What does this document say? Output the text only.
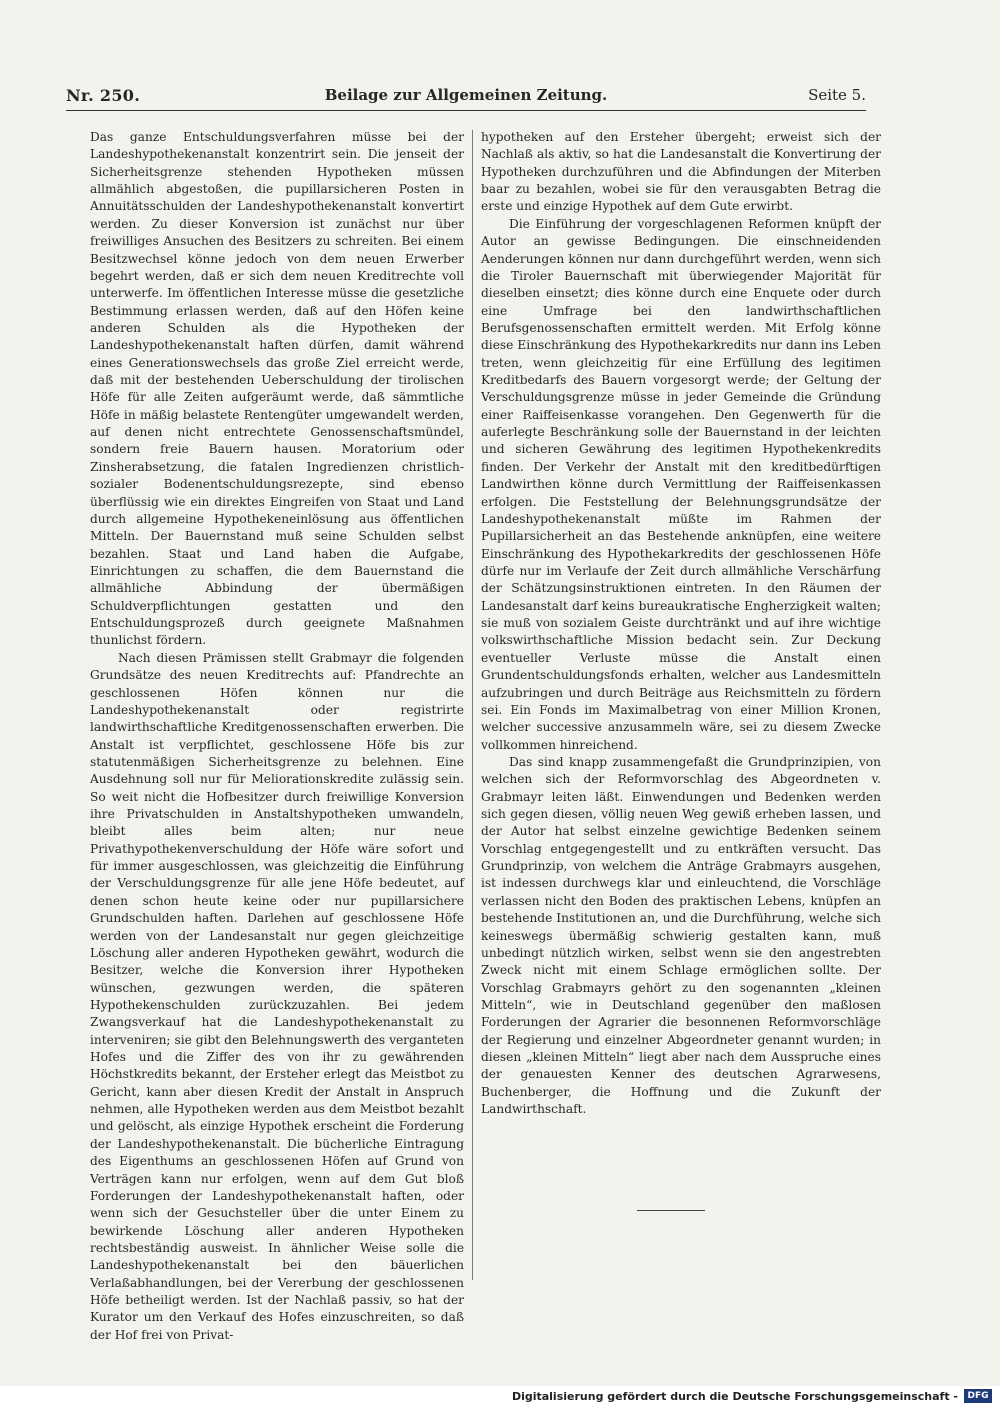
Nr. 250.	Beilage zur Allgemeinen Zeitung.	Seite 5.

Das ganze Entschuldungsverfahren müsse bei der Landeshypothekenanstalt konzentrirt sein. Die jenseit der Sicherheitsgrenze stehenden Hypotheken müssen allmählich abgestoßen, die pupillarsicheren Posten in Annuitätsschulden der Landeshypothekenanstalt konvertirt werden. Zu dieser Konversion ist zunächst nur über freiwilliges Ansuchen des Besitzers zu schreiten. Bei einem Besitzwechsel könne jedoch von dem neuen Erwerber begehrt werden, daß er sich dem neuen Kreditrechte voll unterwerfe. Im öffentlichen Interesse müsse die gesetzliche Bestimmung erlassen werden, daß auf den Höfen keine anderen Schulden als die Hypotheken der Landeshypothekenanstalt haften dürfen, damit während eines Generationswechsels das große Ziel erreicht werde, daß mit der bestehenden Ueberschuldung der tirolischen Höfe für alle Zeiten aufgeräumt werde, daß sämmtliche Höfe in mäßig belastete Rentengüter umgewandelt werden, auf denen nicht entrechtete Genossenschaftsmündel, sondern freie Bauern hausen. Moratorium oder Zinsherabsetzung, die fatalen Ingredienzen christlich-sozialer Bodenentschuldungsrezepte, sind ebenso überflüssig wie ein direktes Eingreifen von Staat und Land durch allgemeine Hypothekeneinlösung aus öffentlichen Mitteln. Der Bauernstand muß seine Schulden selbst bezahlen. Staat und Land haben die Aufgabe, Einrichtungen zu schaffen, die dem Bauernstand die allmähliche Abbindung der übermäßigen Schuldverpflichtungen gestatten und den Entschuldungsprozeß durch geeignete Maßnahmen thunlichst fördern.

Nach diesen Prämissen stellt Grabmayr die folgenden Grundsätze des neuen Kreditrechts auf: Pfandrechte an geschlossenen Höfen können nur die Landeshypothekenanstalt oder registrirte landwirthschaftliche Kreditgenossenschaften erwerben. Die Anstalt ist verpflichtet, geschlossene Höfe bis zur statutenmäßigen Sicherheitsgrenze zu belehnen. Eine Ausdehnung soll nur für Meliorationskredite zulässig sein. So weit nicht die Hofbesitzer durch freiwillige Konversion ihre Privatschulden in Anstaltshypotheken umwandeln, bleibt alles beim alten; nur neue Privathypothekenverschuldung der Höfe wäre sofort und für immer ausgeschlossen, was gleichzeitig die Einführung der Verschuldungsgrenze für alle jene Höfe bedeutet, auf denen schon heute keine oder nur pupillarsichere Grundschulden haften. Darlehen auf geschlossene Höfe werden von der Landesanstalt nur gegen gleichzeitige Löschung aller anderen Hypotheken gewährt, wodurch die Besitzer, welche die Konversion ihrer Hypotheken wünschen, gezwungen werden, die späteren Hypothekenschulden zurückzuzahlen. Bei jedem Zwangsverkauf hat die Landeshypothekenanstalt zu interveniren; sie gibt den Belehnungswerth des verganteten Hofes und die Ziffer des von ihr zu gewährenden Höchstkredits bekannt, der Ersteher erlegt das Meistbot zu Gericht, kann aber diesen Kredit der Anstalt in Anspruch nehmen, alle Hypotheken werden aus dem Meistbot bezahlt und gelöscht, als einzige Hypothek erscheint die Forderung der Landeshypothekenanstalt. Die bücherliche Eintragung des Eigenthums an geschlossenen Höfen auf Grund von Verträgen kann nur erfolgen, wenn auf dem Gut bloß Forderungen der Landeshypothekenanstalt haften, oder wenn sich der Gesuchsteller über die unter Einem zu bewirkende Löschung aller anderen Hypotheken rechtsbeständig ausweist. In ähnlicher Weise solle die Landeshypothekenanstalt bei den bäuerlichen Verlaßabhandlungen, bei der Vererbung der geschlossenen Höfe betheiligt werden. Ist der Nachlaß passiv, so hat der Kurator um den Verkauf des Hofes einzuschreiten, so daß der Hof frei von Privat-

hypotheken auf den Ersteher übergeht; erweist sich der Nachlaß als aktiv, so hat die Landesanstalt die Konvertirung der Hypotheken durchzuführen und die Abfindungen der Miterben baar zu bezahlen, wobei sie für den verausgabten Betrag die erste und einzige Hypothek auf dem Gute erwirbt.

Die Einführung der vorgeschlagenen Reformen knüpft der Autor an gewisse Bedingungen. Die einschneidenden Aenderungen können nur dann durchgeführt werden, wenn sich die Tiroler Bauernschaft mit überwiegender Majorität für dieselben einsetzt; dies könne durch eine Enquete oder durch eine Umfrage bei den landwirthschaftlichen Berufsgenossenschaften ermittelt werden. Mit Erfolg könne diese Einschränkung des Hypothekarkredits nur dann ins Leben treten, wenn gleichzeitig für eine Erfüllung des legitimen Kreditbedarfs des Bauern vorgesorgt werde; der Geltung der Verschuldungsgrenze müsse in jeder Gemeinde die Gründung einer Raiffeisenkasse vorangehen. Den Gegenwerth für die auferlegte Beschränkung solle der Bauernstand in der leichten und sicheren Gewährung des legitimen Hypothekenkredits finden. Der Verkehr der Anstalt mit den kreditbedürftigen Landwirthen könne durch Vermittlung der Raiffeisenkassen erfolgen. Die Feststellung der Belehnungsgrundsätze der Landeshypothekenanstalt müßte im Rahmen der Pupillarsicherheit an das Bestehende anknüpfen, eine weitere Einschränkung des Hypothekarkredits der geschlossenen Höfe dürfe nur im Verlaufe der Zeit durch allmähliche Verschärfung der Schätzungsinstruktionen eintreten. In den Räumen der Landesanstalt darf keins bureaukratische Engherzigkeit walten; sie muß von sozialem Geiste durchtränkt und auf ihre wichtige volkswirthschaftliche Mission bedacht sein. Zur Deckung eventueller Verluste müsse die Anstalt einen Grundentschuldungsfonds erhalten, welcher aus Landesmitteln aufzubringen und durch Beiträge aus Reichsmitteln zu fördern sei. Ein Fonds im Maximalbetrag von einer Million Kronen, welcher successive anzusammeln wäre, sei zu diesem Zwecke vollkommen hinreichend.

Das sind knapp zusammengefaßt die Grundprinzipien, von welchen sich der Reformvorschlag des Abgeordneten v. Grabmayr leiten läßt. Einwendungen und Bedenken werden sich gegen diesen, völlig neuen Weg gewiß erheben lassen, und der Autor hat selbst einzelne gewichtige Bedenken seinem Vorschlag entgegengestellt und zu entkräften versucht. Das Grundprinzip, von welchem die Anträge Grabmayrs ausgehen, ist indessen durchwegs klar und einleuchtend, die Vorschläge verlassen nicht den Boden des praktischen Lebens, knüpfen an bestehende Institutionen an, und die Durchführung, welche sich keineswegs übermäßig schwierig gestalten kann, muß unbedingt nützlich wirken, selbst wenn sie den angestrebten Zweck nicht mit einem Schlage ermöglichen sollte. Der Vorschlag Grabmayrs gehört zu den sogenannten „kleinen Mitteln“, wie in Deutschland gegenüber den maßlosen Forderungen der Agrarier die besonnenen Reformvorschläge der Regierung und einzelner Abgeordneter genannt wurden; in diesen „kleinen Mitteln“ liegt aber nach dem Ausspruche eines der genauesten Kenner des deutschen Agrarwesens, Buchenberger, die Hoffnung und die Zukunft der Landwirthschaft.

Digitalisierung gefördert durch die Deutsche Forschungsgemeinschaft -	DFG
